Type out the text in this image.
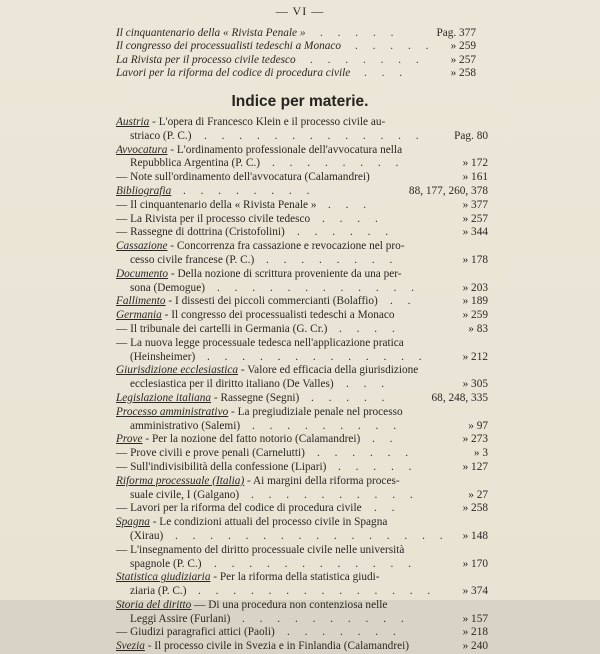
— VI —
Il cinquantenario della « Rivista Penale » . . . . .	Pag. 377
Il congresso dei processualisti tedeschi a Monaco . . . . . » 259
La Rivista per il processo civile tedesco . . . . . . . » 257
Lavori per la riforma del codice di procedura civile . . .	» 258
Indice per materie.
Austria - L'opera di Francesco Klein e il processo civile au-
striaco (P. C.) . . . . . . . . . . . . .	Pag. 80
Avvocatura - L'ordinamento professionale dell'avvocatura nella
Repubblica Argentina (P. C.) . . . . . . . .	» 172
— Note sull'ordinamento dell'avvocatura (Calamandrei)	» 161
Bibliografia . . . . . . . .	88, 177, 260, 378
— Il cinquantenario della « Rivista Penale » . . .	» 377
— La Rivista per il processo civile tedesco . . . .	» 257
— Rassegne di dottrina (Cristofolini) . . . . . .	» 344
Cassazione - Concorrenza fra cassazione e revocazione nel pro-
cesso civile francese (P. C.) . . . . . . . .	» 178
Documento - Della nozione di scrittura proveniente da una per-
sona (Demogue) . . . . . . . . . . . .	» 203
Fallimento - I dissesti dei piccoli commercianti (Bolaffio) . .	» 189
Germania - Il congresso dei processualisti tedeschi a Monaco	» 259
— Il tribunale dei cartelli in Germania (G. Cr.) . . . .	» 83
— La nuova legge processuale tedesca nell'applicazione pratica
(Heinsheimer) . . . . . . . . . . . . .	» 212
Giurisdizione ecclesiastica - Valore ed efficacia della giurisdizione
ecclesiastica per il diritto italiano (De Valles) . . .	» 305
Legislazione italiana - Rassegne (Segni) . . . . .	68, 248, 335
Processo amministrativo - La pregiudiziale penale nel processo
amministrativo (Salemi) . . . . . . . . .	» 97
Prove - Per la nozione del fatto notorio (Calamandrei) . .	» 273
— Prove civili e prove penali (Carnelutti) . . . . . .	» 3
— Sull'indivisibilità della confessione (Lipari) . . . . .	» 127
Riforma processuale (Italia) - Ai margini della riforma proces-
suale civile, I (Galgano) . . . . . . . . . .	» 27
— Lavori per la riforma del codice di procedura civile . .	» 258
Spagna - Le condizioni attuali del processo civile in Spagna
(Xirau) . . . . . . . . . . . . . . . . » 148
— L'insegnamento del diritto processuale civile nelle università
spagnole (P. C.) . . . . . . . . . . . .	» 170
Statistica giudiziaria - Per la riforma della statistica giudi-
ziaria (P. C.) . . . . . . . . . . . . . . » 374
Storia del diritto — Di una procedura non contenziosa nelle
Leggi Assire (Furlani) . . . . . . . . . .	» 157
— Giudizi paragrafici attici (Paoli) . . . . . . .	» 218
Svezia - Il processo civile in Svezia e in Finlandia (Calamandrei)	» 240
